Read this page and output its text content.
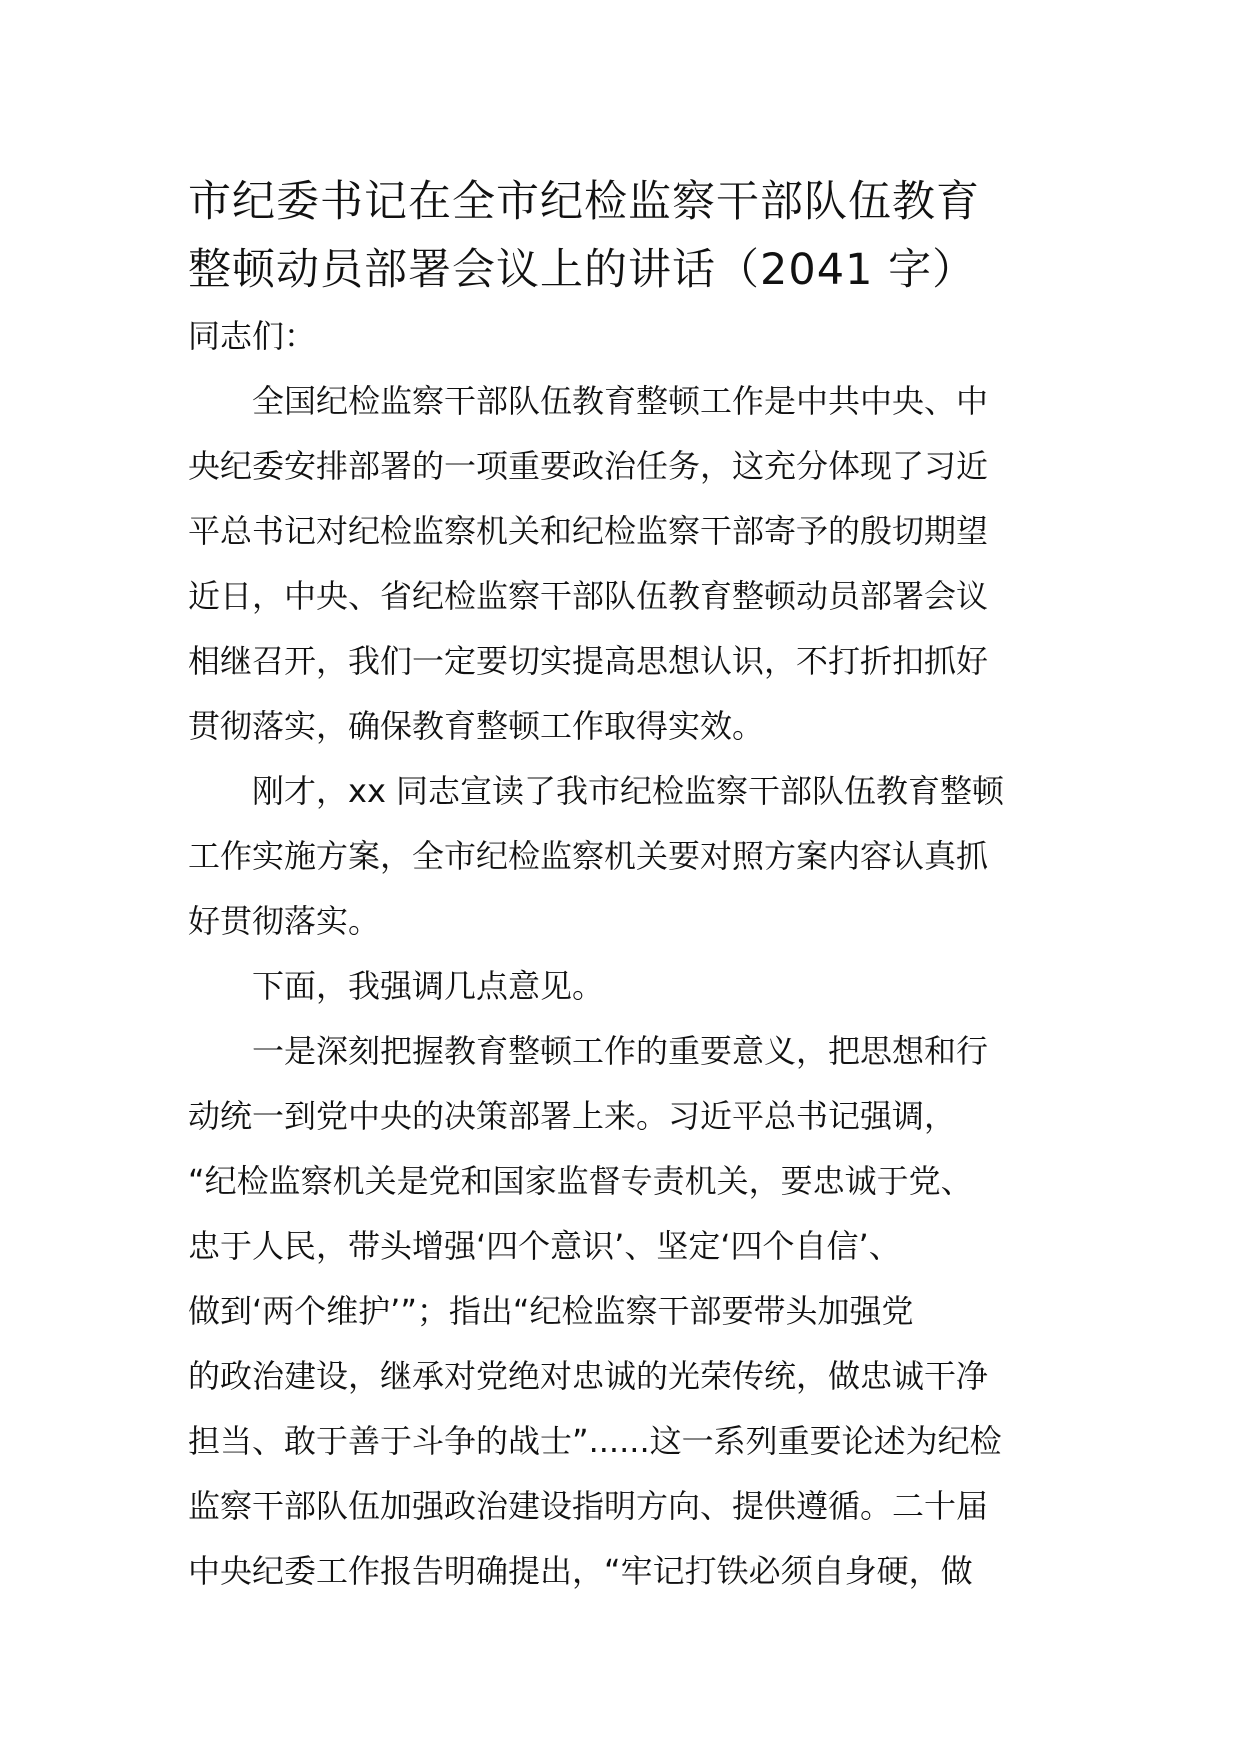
市纪委书记在全市纪检监察干部队伍教育
整顿动员部署会议上的讲话（2041 字）

同志们：

全国纪检监察干部队伍教育整顿工作是中共中央、中
央纪委安排部署的一项重要政治任务，这充分体现了习近
平总书记对纪检监察机关和纪检监察干部寄予的殷切期望
近日，中央、省纪检监察干部队伍教育整顿动员部署会议
相继召开，我们一定要切实提高思想认识，不打折扣抓好
贯彻落实，确保教育整顿工作取得实效。
刚才，xx 同志宣读了我市纪检监察干部队伍教育整顿
工作实施方案，全市纪检监察机关要对照方案内容认真抓
好贯彻落实。
下面，我强调几点意见。
一是深刻把握教育整顿工作的重要意义，把思想和行
动统一到党中央的决策部署上来。习近平总书记强调，
“纪检监察机关是党和国家监督专责机关，要忠诚于党、
忠于人民，带头增强‘四个意识’、坚定‘四个自信’、
做到‘两个维护’”；指出“纪检监察干部要带头加强党
的政治建设，继承对党绝对忠诚的光荣传统，做忠诚干净
担当、敢于善于斗争的战士”......这一系列重要论述为纪检
监察干部队伍加强政治建设指明方向、提供遵循。二十届
中央纪委工作报告明确提出，“牢记打铁必须自身硬，做
